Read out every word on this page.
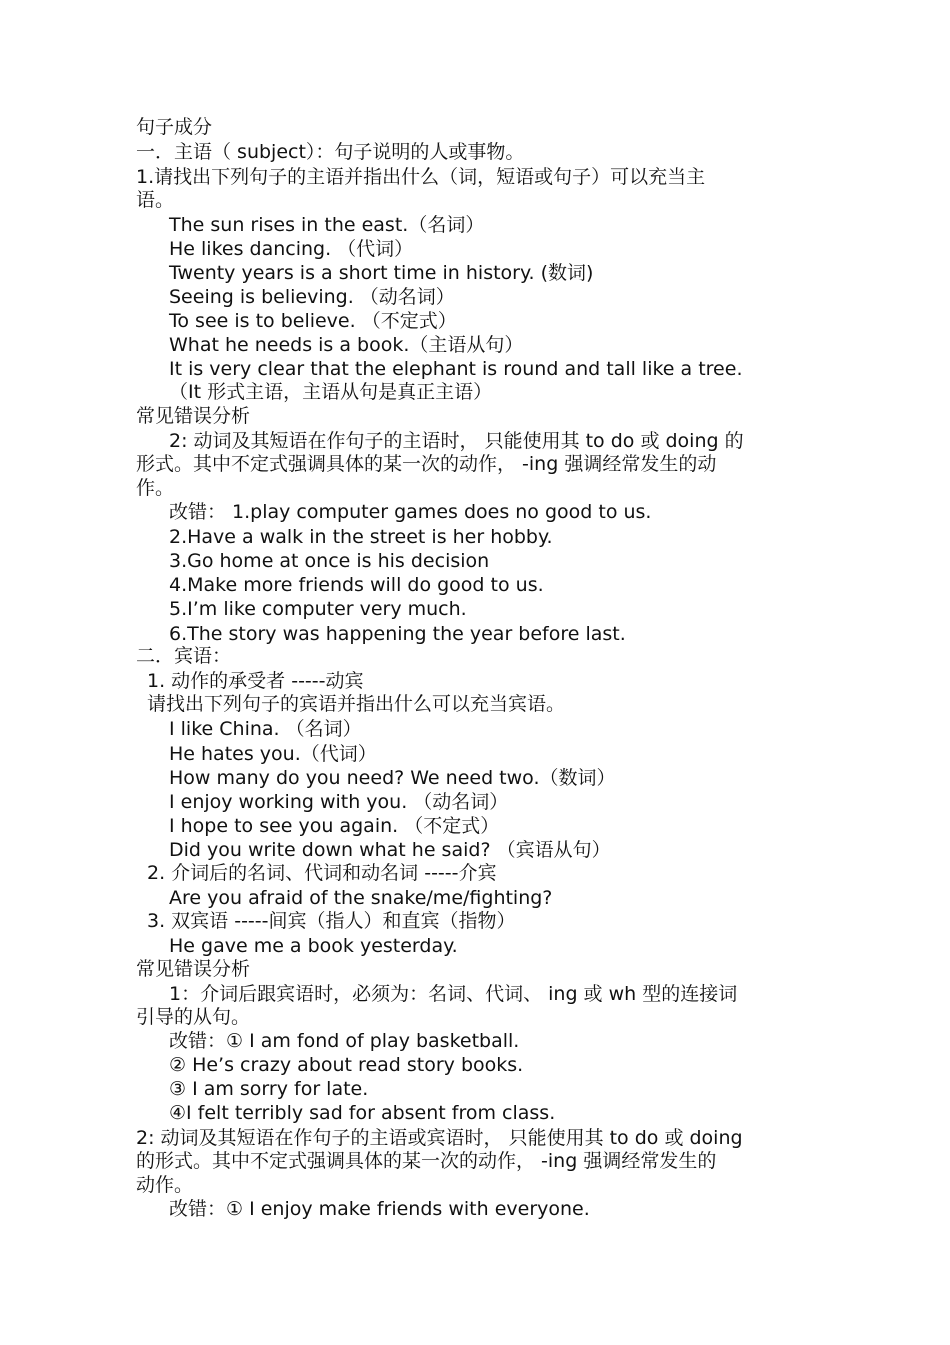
句子成分
一．主语（ subject）：句子说明的人或事物。
1.请找出下列句子的主语并指出什么（词，短语或句子）可以充当主
语。
The sun rises in the east.（名词）
He likes dancing. （代词）
Twenty years is a short time in history. (数词)
Seeing is believing. （动名词）
To see is to believe. （不定式）
What he needs is a book.（主语从句）
It is very clear that the elephant is round and tall like a tree.
（It 形式主语，主语从句是真正主语）
常见错误分析
2: 动词及其短语在作句子的主语时， 只能使用其 to do 或 doing 的
形式。其中不定式强调具体的某一次的动作， -ing 强调经常发生的动
作。
改错： 1.play computer games does no good to us.
2.Have a walk in the street is her hobby.
3.Go home at once is his decision
4.Make more friends will do good to us.
5.I’m like computer very much.
6.The story was happening the year before last.
二．宾语：
1. 动作的承受者 -----动宾
请找出下列句子的宾语并指出什么可以充当宾语。
I like China. （名词）
He hates you.（代词）
How many do you need? We need two.（数词）
I enjoy working with you. （动名词）
I hope to see you again. （不定式）
Did you write down what he said? （宾语从句）
2. 介词后的名词、代词和动名词 -----介宾
Are you afraid of the snake/me/fighting?
3. 双宾语 -----间宾（指人）和直宾（指物）
He gave me a book yesterday.
常见错误分析
1：介词后跟宾语时，必须为：名词、代词、 ing 或 wh 型的连接词
引导的从句。
改错：① I am fond of play basketball.
② He’s crazy about read story books.
③ I am sorry for late.
④I felt terribly sad for absent from class.
2: 动词及其短语在作句子的主语或宾语时， 只能使用其 to do 或 doing
的形式。其中不定式强调具体的某一次的动作， -ing 强调经常发生的
动作。
改错：① I enjoy make friends with everyone.
